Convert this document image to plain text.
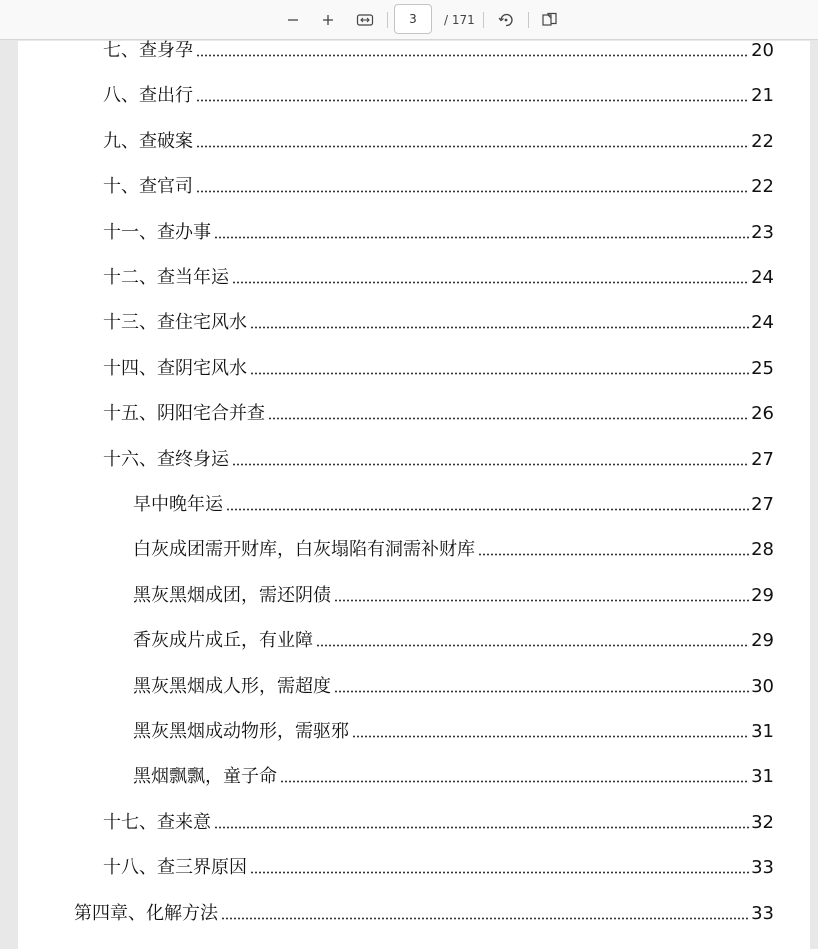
3
/ 171
七、查身孕	20
八、查出行	21
九、查破案	22
十、查官司	22
十一、查办事	23
十二、查当年运	24
十三、查住宅风水	24
十四、查阴宅风水	25
十五、阴阳宅合并查	26
十六、查终身运	27
早中晚年运	27
白灰成团需开财库，白灰塌陷有洞需补财库	28
黑灰黑烟成团，需还阴债	29
香灰成片成丘，有业障	29
黑灰黑烟成人形，需超度	30
黑灰黑烟成动物形，需驱邪	31
黑烟飘飘，童子命	31
十七、查来意	32
十八、查三界原因	33
第四章、化解方法	33
